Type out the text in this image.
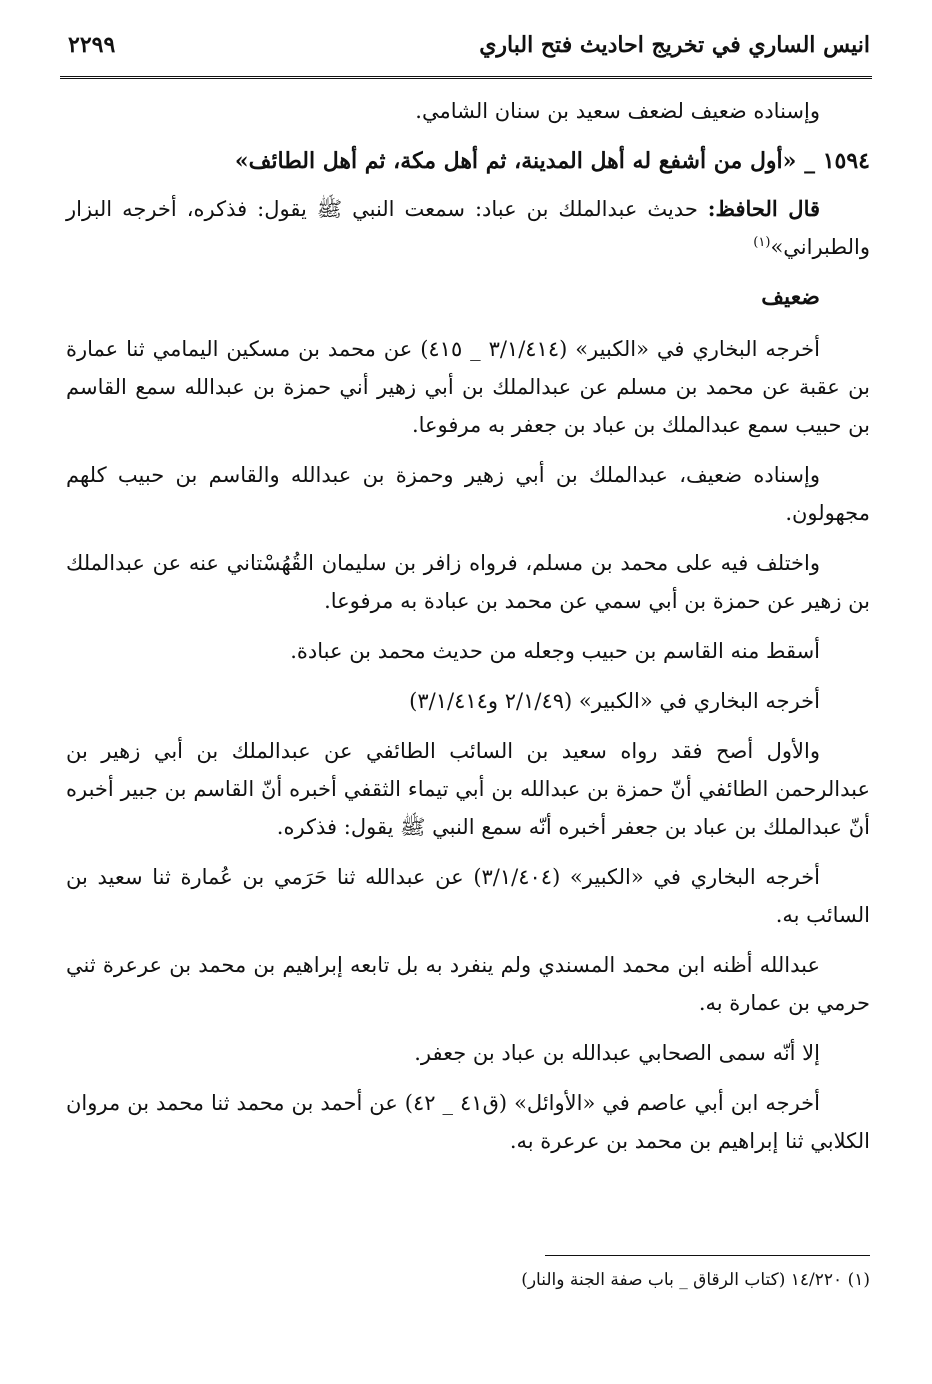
انيس الساري في تخريج احاديث فتح الباري
٢٢٩٩

وإسناده ضعيف لضعف سعيد بن سنان الشامي.

١٥٩٤ _ «أول من أشفع له أهل المدينة، ثم أهل مكة، ثم أهل الطائف»

قال الحافظ: حديث عبدالملك بن عباد: سمعت النبي ﷺ يقول: فذكره، أخرجه البزار والطبراني»$^{(١)}$

ضعيف

أخرجه البخاري في «الكبير» (٣/١/٤١٤ _ ٤١٥) عن محمد بن مسكين اليمامي ثنا عمارة بن عقبة عن محمد بن مسلم عن عبدالملك بن أبي زهير أني حمزة بن عبدالله سمع القاسم بن حبيب سمع عبدالملك بن عباد بن جعفر به مرفوعا.

وإسناده ضعيف، عبدالملك بن أبي زهير وحمزة بن عبدالله والقاسم بن حبيب كلهم مجهولون.

واختلف فيه على محمد بن مسلم، فرواه زافر بن سليمان القُهُسْتاني عنه عن عبدالملك بن زهير عن حمزة بن أبي سمي عن محمد بن عبادة به مرفوعا.

أسقط منه القاسم بن حبيب وجعله من حديث محمد بن عبادة.

أخرجه البخاري في «الكبير» (٢/١/٤٩ و٣/١/٤١٤)

والأول أصح فقد رواه سعيد بن السائب الطائفي عن عبدالملك بن أبي زهير بن عبدالرحمن الطائفي أنّ حمزة بن عبدالله بن أبي تيماء الثقفي أخبره أنّ القاسم بن جبير أخبره أنّ عبدالملك بن عباد بن جعفر أخبره أنّه سمع النبي ﷺ يقول: فذكره.

أخرجه البخاري في «الكبير» (٣/١/٤٠٤) عن عبدالله ثنا حَرَمي بن عُمارة ثنا سعيد بن السائب به.

عبدالله أظنه ابن محمد المسندي ولم ينفرد به بل تابعه إبراهيم بن محمد بن عرعرة ثني حرمي بن عمارة به.

إلا أنّه سمى الصحابي عبدالله بن عباد بن جعفر.

أخرجه ابن أبي عاصم في «الأوائل» (ق٤١ _ ٤٢) عن أحمد بن محمد ثنا محمد بن مروان الكلابي ثنا إبراهيم بن محمد بن عرعرة به.

(١) ١٤/٢٢٠ (كتاب الرقاق _ باب صفة الجنة والنار)
